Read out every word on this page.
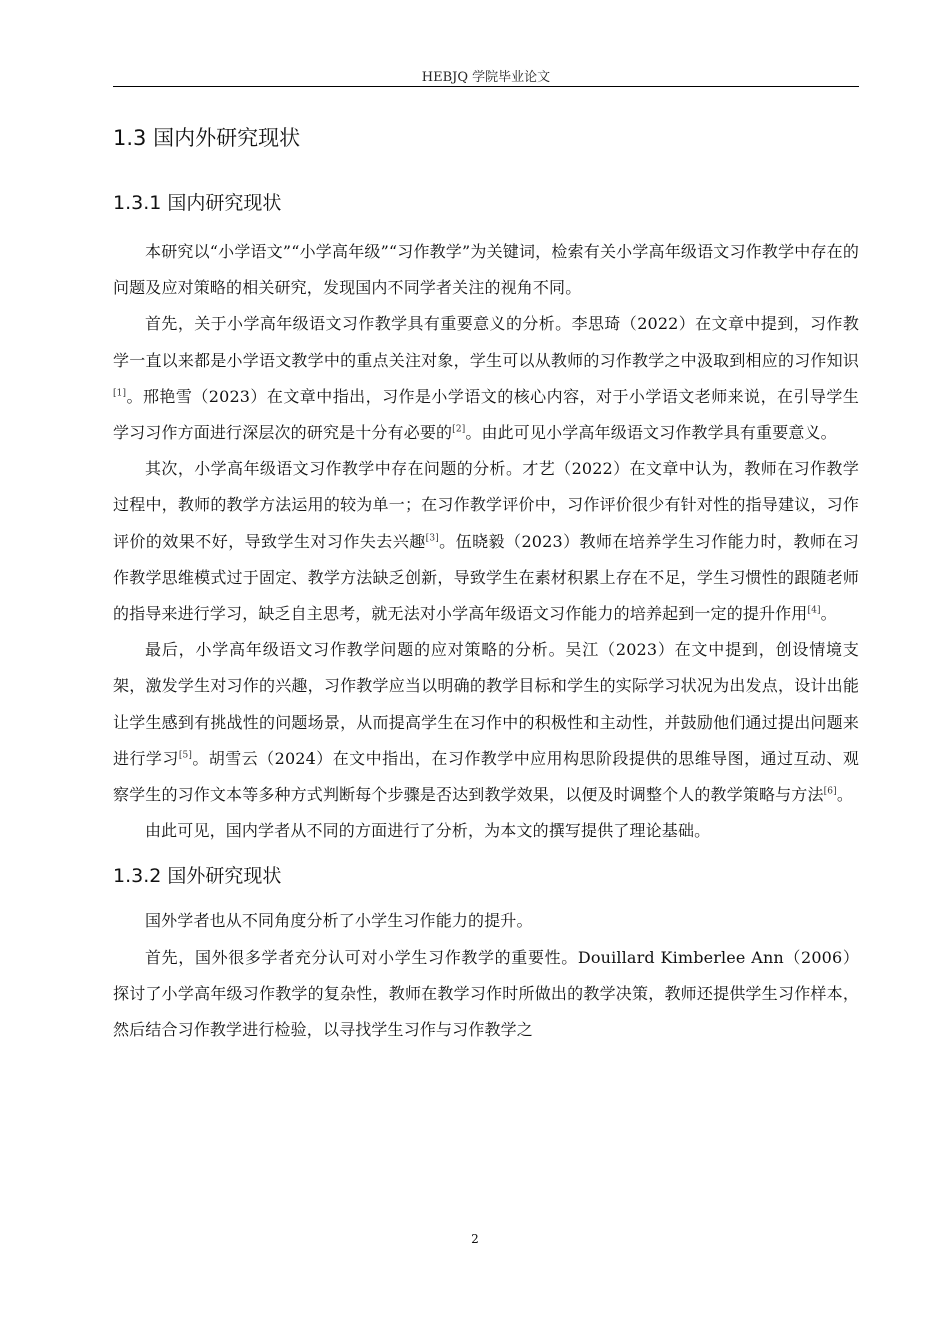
HEBJQ 学院毕业论文
1.3 国内外研究现状
1.3.1 国内研究现状

本研究以“小学语文”“小学高年级”“习作教学”为关键词，检索有关小学高年级语文习作教学中存在的问题及应对策略的相关研究，发现国内不同学者关注的视角不同。

首先，关于小学高年级语文习作教学具有重要意义的分析。李思琦（2022）在文章中提到，习作教学一直以来都是小学语文教学中的重点关注对象，学生可以从教师的习作教学之中汲取到相应的习作知识[1]。邢艳雪（2023）在文章中指出，习作是小学语文的核心内容，对于小学语文老师来说，在引导学生学习习作方面进行深层次的研究是十分有必要的[2]。由此可见小学高年级语文习作教学具有重要意义。

其次，小学高年级语文习作教学中存在问题的分析。才艺（2022）在文章中认为，教师在习作教学过程中，教师的教学方法运用的较为单一；在习作教学评价中，习作评价很少有针对性的指导建议，习作评价的效果不好，导致学生对习作失去兴趣[3]。伍晓毅（2023）教师在培养学生习作能力时，教师在习作教学思维模式过于固定、教学方法缺乏创新，导致学生在素材积累上存在不足，学生习惯性的跟随老师的指导来进行学习，缺乏自主思考，就无法对小学高年级语文习作能力的培养起到一定的提升作用[4]。

最后，小学高年级语文习作教学问题的应对策略的分析。吴江（2023）在文中提到，创设情境支架，激发学生对习作的兴趣，习作教学应当以明确的教学目标和学生的实际学习状况为出发点，设计出能让学生感到有挑战性的问题场景，从而提高学生在习作中的积极性和主动性，并鼓励他们通过提出问题来进行学习[5]。胡雪云（2024）在文中指出，在习作教学中应用构思阶段提供的思维导图，通过互动、观察学生的习作文本等多种方式判断每个步骤是否达到教学效果，以便及时调整个人的教学策略与方法[6]。

由此可见，国内学者从不同的方面进行了分析，为本文的撰写提供了理论基础。

1.3.2 国外研究现状

国外学者也从不同角度分析了小学生习作能力的提升。

首先，国外很多学者充分认可对小学生习作教学的重要性。Douillard Kimberlee Ann（2006）探讨了小学高年级习作教学的复杂性，教师在教学习作时所做出的教学决策，教师还提供学生习作样本，然后结合习作教学进行检验，以寻找学生习作与习作教学之

2
